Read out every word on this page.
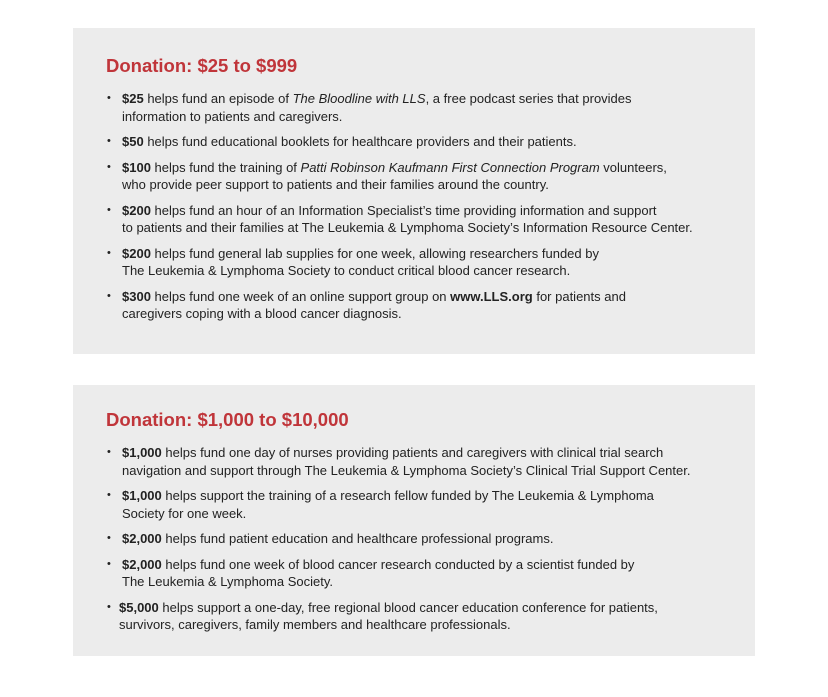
Donation: $25 to $999
• $25 helps fund an episode of The Bloodline with LLS, a free podcast series that provides
information to patients and caregivers.
• $50 helps fund educational booklets for healthcare providers and their patients.
• $100 helps fund the training of Patti Robinson Kaufmann First Connection Program volunteers,
who provide peer support to patients and their families around the country.
• $200 helps fund an hour of an Information Specialist’s time providing information and support
to patients and their families at The Leukemia & Lymphoma Society’s Information Resource Center.
• $200 helps fund general lab supplies for one week, allowing researchers funded by
The Leukemia & Lymphoma Society to conduct critical blood cancer research.
• $300 helps fund one week of an online support group on www.LLS.org for patients and
caregivers coping with a blood cancer diagnosis.
Donation: $1,000 to $10,000
• $1,000 helps fund one day of nurses providing patients and caregivers with clinical trial search
navigation and support through The Leukemia & Lymphoma Society’s Clinical Trial Support Center.
• $1,000 helps support the training of a research fellow funded by The Leukemia & Lymphoma
Society for one week.
• $2,000 helps fund patient education and healthcare professional programs.
• $2,000 helps fund one week of blood cancer research conducted by a scientist funded by
The Leukemia & Lymphoma Society.
• $5,000 helps support a one-day, free regional blood cancer education conference for patients,
survivors, caregivers, family members and healthcare professionals.
